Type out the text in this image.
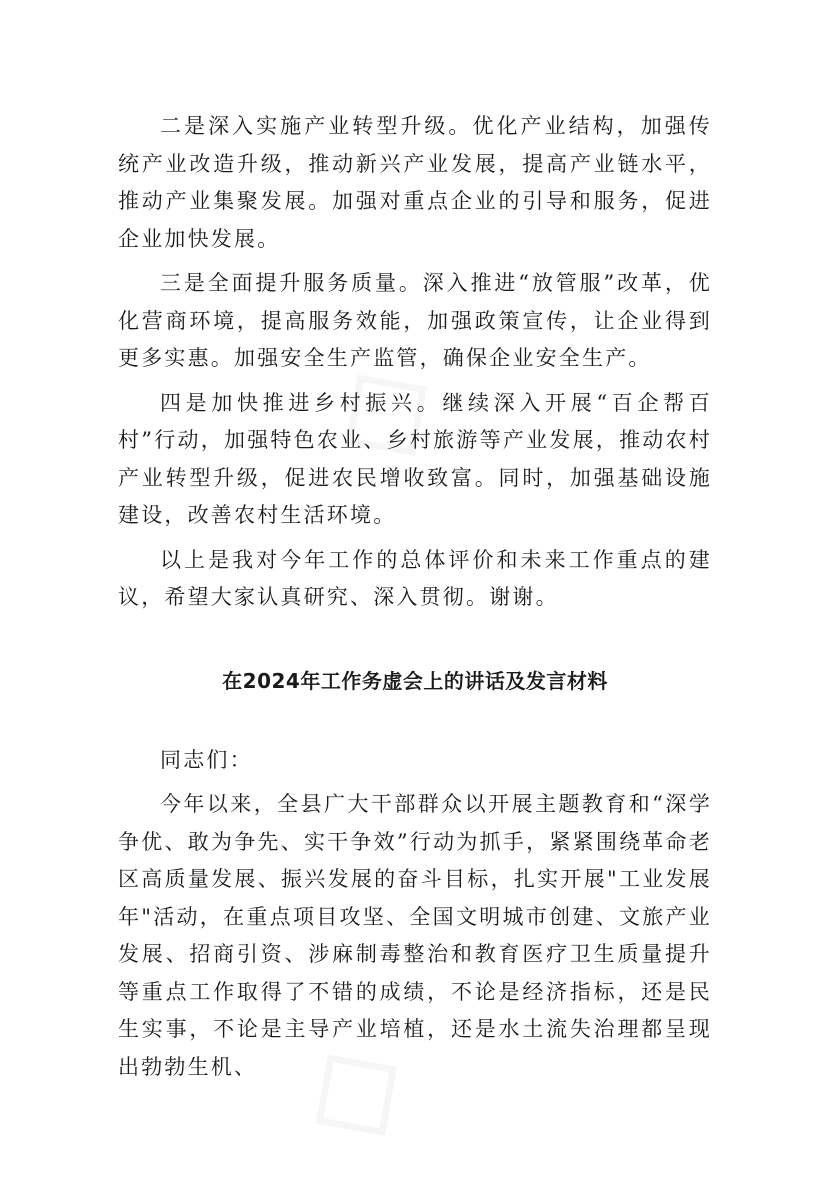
二是深入实施产业转型升级。优化产业结构，加强传统产业改造升级，推动新兴产业发展，提高产业链水平，推动产业集聚发展。加强对重点企业的引导和服务，促进企业加快发展。

三是全面提升服务质量。深入推进“放管服”改革，优化营商环境，提高服务效能，加强政策宣传，让企业得到更多实惠。加强安全生产监管，确保企业安全生产。

四是加快推进乡村振兴。继续深入开展“百企帮百村”行动，加强特色农业、乡村旅游等产业发展，推动农村产业转型升级，促进农民增收致富。同时，加强基础设施建设，改善农村生活环境。

以上是我对今年工作的总体评价和未来工作重点的建议，希望大家认真研究、深入贯彻。谢谢。

在2024年工作务虚会上的讲话及发言材料

同志们：

今年以来，全县广大干部群众以开展主题教育和“深学争优、敢为争先、实干争效”行动为抓手，紧紧围绕革命老区高质量发展、振兴发展的奋斗目标，扎实开展"工业发展年"活动，在重点项目攻坚、全国文明城市创建、文旅产业发展、招商引资、涉麻制毒整治和教育医疗卫生质量提升等重点工作取得了不错的成绩，不论是经济指标，还是民生实事，不论是主导产业培植，还是水土流失治理都呈现出勃勃生机、
